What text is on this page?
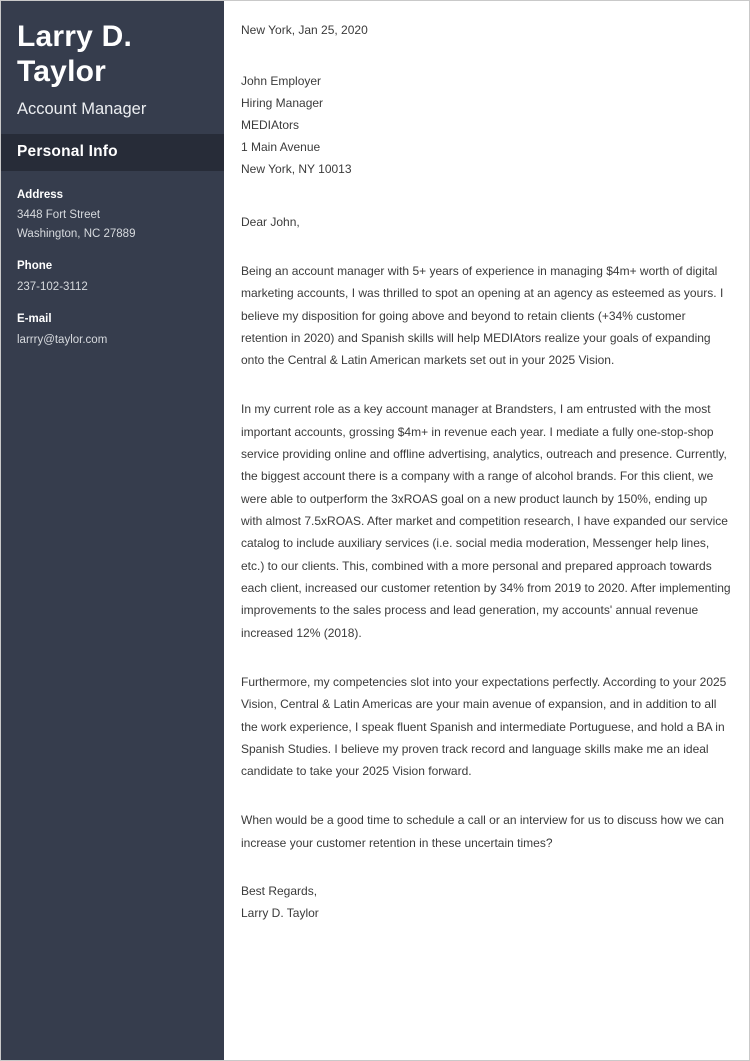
Larry D. Taylor
Account Manager
Personal Info
Address
3448 Fort Street
Washington, NC 27889
Phone
237-102-3112
E-mail
larrry@taylor.com
New York, Jan 25, 2020
John Employer
Hiring Manager
MEDIAtors
1 Main Avenue
New York, NY 10013
Dear John,

Being an account manager with 5+ years of experience in managing $4m+ worth of digital marketing accounts, I was thrilled to spot an opening at an agency as esteemed as yours. I believe my disposition for going above and beyond to retain clients (+34% customer retention in 2020) and Spanish skills will help MEDIAtors realize your goals of expanding onto the Central & Latin American markets set out in your 2025 Vision.

In my current role as a key account manager at Brandsters, I am entrusted with the most important accounts, grossing $4m+ in revenue each year. I mediate a fully one-stop-shop service providing online and offline advertising, analytics, outreach and presence. Currently, the biggest account there is a company with a range of alcohol brands. For this client, we were able to outperform the 3xROAS goal on a new product launch by 150%, ending up with almost 7.5xROAS. After market and competition research, I have expanded our service catalog to include auxiliary services (i.e. social media moderation, Messenger help lines, etc.) to our clients. This, combined with a more personal and prepared approach towards each client, increased our customer retention by 34% from 2019 to 2020. After implementing improvements to the sales process and lead generation, my accounts' annual revenue increased 12% (2018).

Furthermore, my competencies slot into your expectations perfectly. According to your 2025 Vision, Central & Latin Americas are your main avenue of expansion, and in addition to all the work experience, I speak fluent Spanish and intermediate Portuguese, and hold a BA in Spanish Studies. I believe my proven track record and language skills make me an ideal candidate to take your 2025 Vision forward.

When would be a good time to schedule a call or an interview for us to discuss how we can increase your customer retention in these uncertain times?

Best Regards,
Larry D. Taylor
